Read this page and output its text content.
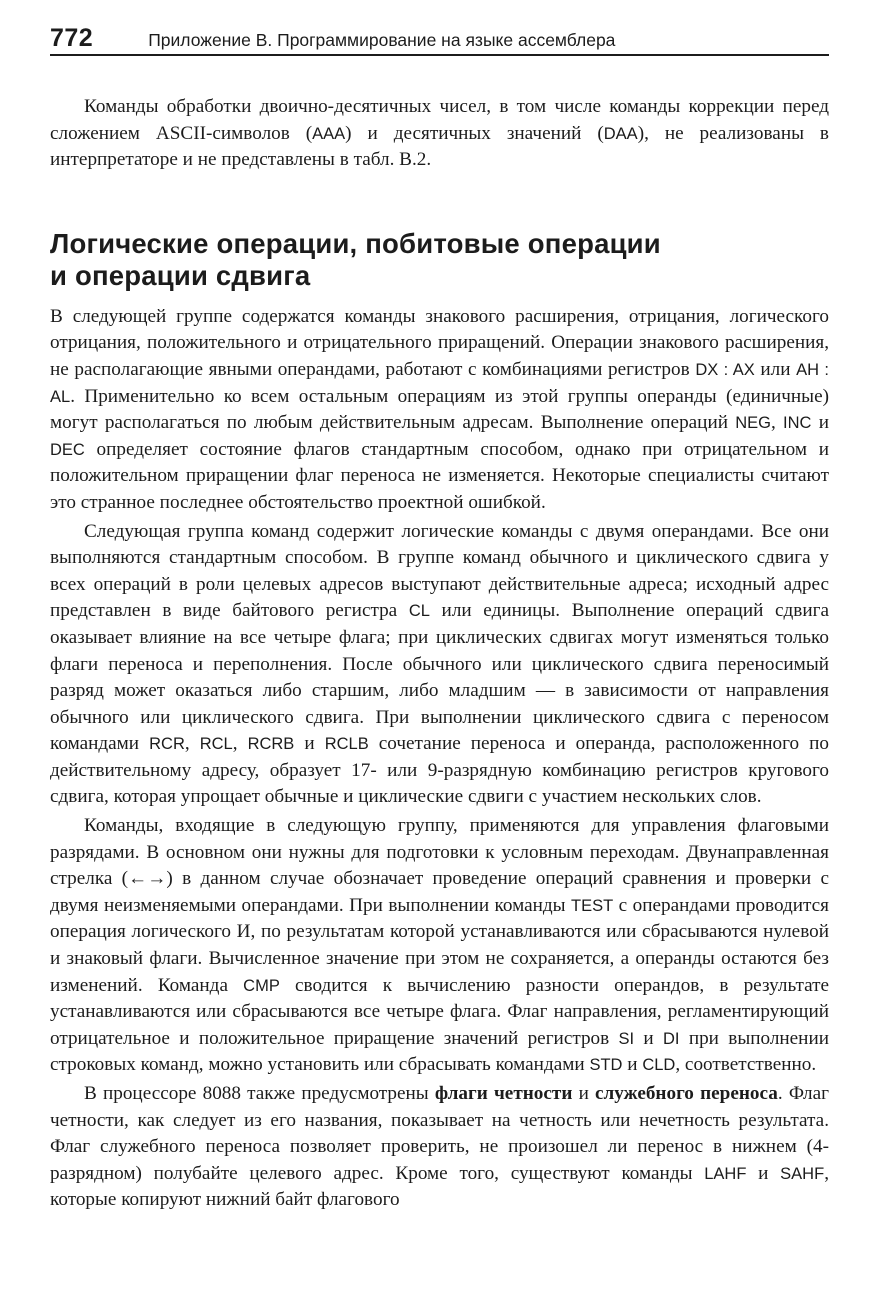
772	Приложение В. Программирование на языке ассемблера

Команды обработки двоично-десятичных чисел, в том числе команды коррекции перед сложением ASCII-символов (AAA) и десятичных значений (DAA), не реализованы в интерпретаторе и не представлены в табл. В.2.

Логические операции, побитовые операции
и операции сдвига

В следующей группе содержатся команды знакового расширения, отрицания, логического отрицания, положительного и отрицательного приращений. Операции знакового расширения, не располагающие явными операндами, работают с комбинациями регистров DX : AX или AH : AL. Применительно ко всем остальным операциям из этой группы операнды (единичные) могут располагаться по любым действительным адресам. Выполнение операций NEG, INC и DEC определяет состояние флагов стандартным способом, однако при отрицательном и положительном приращении флаг переноса не изменяется. Некоторые специалисты считают это странное последнее обстоятельство проектной ошибкой.

Следующая группа команд содержит логические команды с двумя операндами. Все они выполняются стандартным способом. В группе команд обычного и циклического сдвига у всех операций в роли целевых адресов выступают действительные адреса; исходный адрес представлен в виде байтового регистра CL или единицы. Выполнение операций сдвига оказывает влияние на все четыре флага; при циклических сдвигах могут изменяться только флаги переноса и переполнения. После обычного или циклического сдвига переносимый разряд может оказаться либо старшим, либо младшим — в зависимости от направления обычного или циклического сдвига. При выполнении циклического сдвига с переносом командами RCR, RCL, RCRB и RCLB сочетание переноса и операнда, расположенного по действительному адресу, образует 17- или 9-разрядную комбинацию регистров кругового сдвига, которая упрощает обычные и циклические сдвиги с участием нескольких слов.

Команды, входящие в следующую группу, применяются для управления флаговыми разрядами. В основном они нужны для подготовки к условным переходам. Двунаправленная стрелка (←→) в данном случае обозначает проведение операций сравнения и проверки с двумя неизменяемыми операндами. При выполнении команды TEST с операндами проводится операция логического И, по результатам которой устанавливаются или сбрасываются нулевой и знаковый флаги. Вычисленное значение при этом не сохраняется, а операнды остаются без изменений. Команда CMP сводится к вычислению разности операндов, в результате устанавливаются или сбрасываются все четыре флага. Флаг направления, регламентирующий отрицательное и положительное приращение значений регистров SI и DI при выполнении строковых команд, можно установить или сбрасывать командами STD и CLD, соответственно.

В процессоре 8088 также предусмотрены флаги четности и служебного переноса. Флаг четности, как следует из его названия, показывает на четность или нечетность результата. Флаг служебного переноса позволяет проверить, не произошел ли перенос в нижнем (4-разрядном) полубайте целевого адрес. Кроме того, существуют команды LAHF и SAHF, которые копируют нижний байт флагового
